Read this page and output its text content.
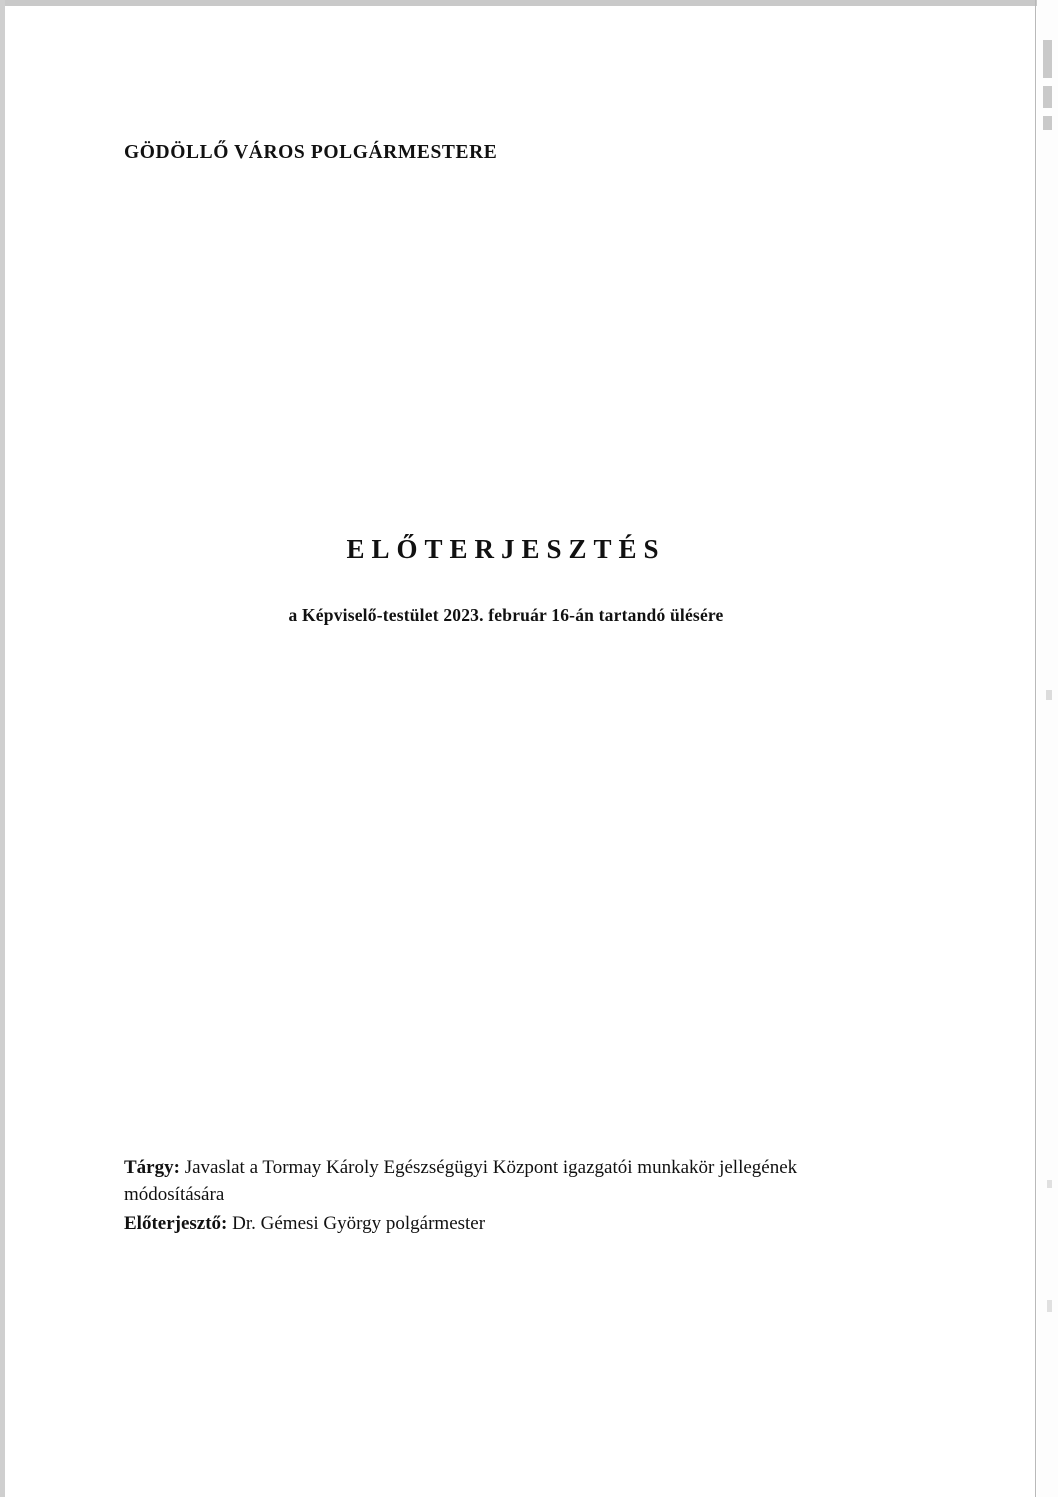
GÖDÖLLŐ VÁROS POLGÁRMESTERE
ELŐTERJESZTÉS
a Képviselő-testület 2023. február 16-án tartandó ülésére

Tárgy: Javaslat a Tormay Károly Egészségügyi Központ igazgatói munkakör jellegének módosítására

Előterjesztő: Dr. Gémesi György polgármester
